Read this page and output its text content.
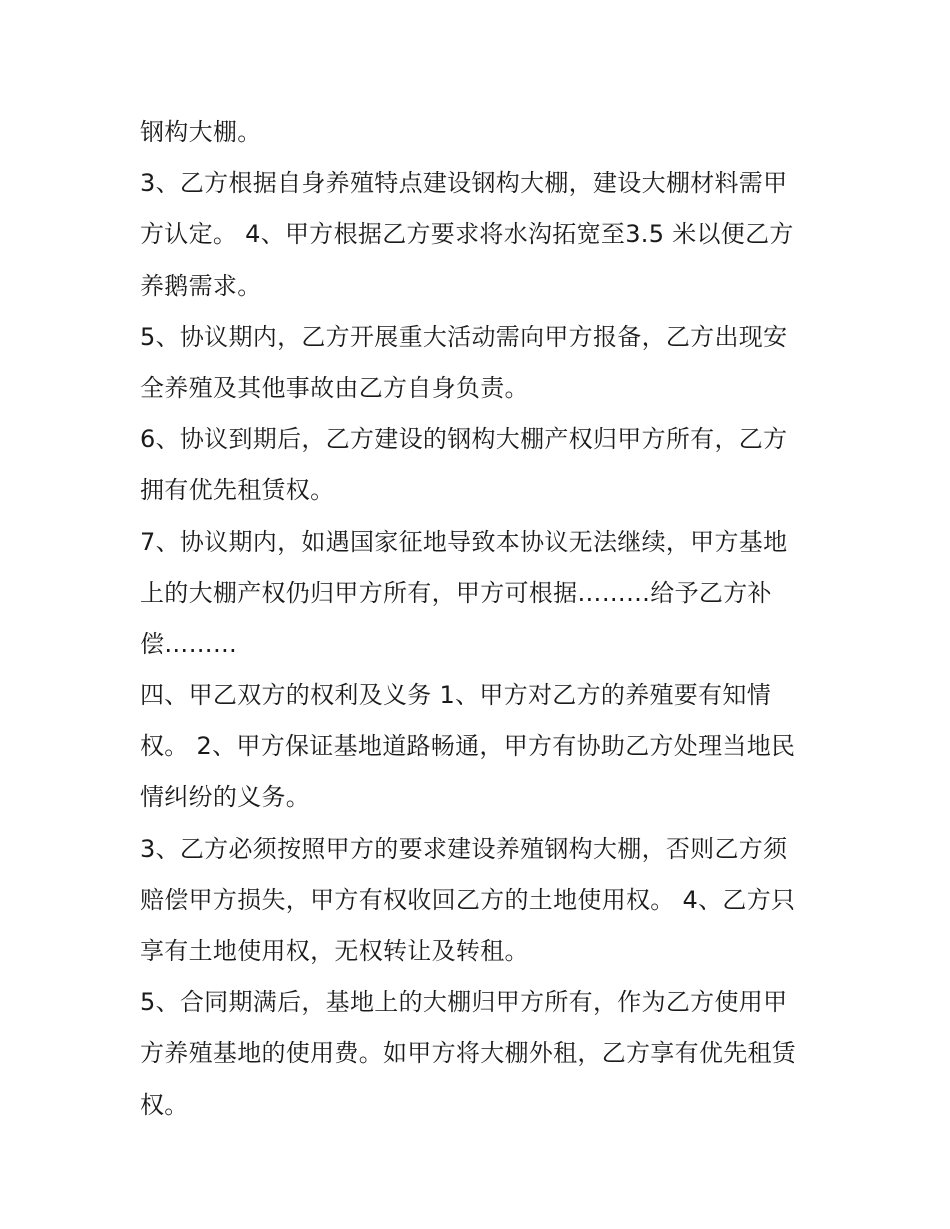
钢构大棚。
3、乙方根据自身养殖特点建设钢构大棚，建设大棚材料需甲
方认定。 4、甲方根据乙方要求将水沟拓宽至3.5 米以便乙方
养鹅需求。
5、协议期内，乙方开展重大活动需向甲方报备，乙方出现安
全养殖及其他事故由乙方自身负责。
6、协议到期后，乙方建设的钢构大棚产权归甲方所有，乙方
拥有优先租赁权。
7、协议期内，如遇国家征地导致本协议无法继续，甲方基地
上的大棚产权仍归甲方所有，甲方可根据………给予乙方补
偿………
四、甲乙双方的权利及义务 1、甲方对乙方的养殖要有知情
权。 2、甲方保证基地道路畅通，甲方有协助乙方处理当地民
情纠纷的义务。
3、乙方必须按照甲方的要求建设养殖钢构大棚，否则乙方须
赔偿甲方损失，甲方有权收回乙方的土地使用权。 4、乙方只
享有土地使用权，无权转让及转租。
5、合同期满后，基地上的大棚归甲方所有，作为乙方使用甲
方养殖基地的使用费。如甲方将大棚外租，乙方享有优先租赁
权。
